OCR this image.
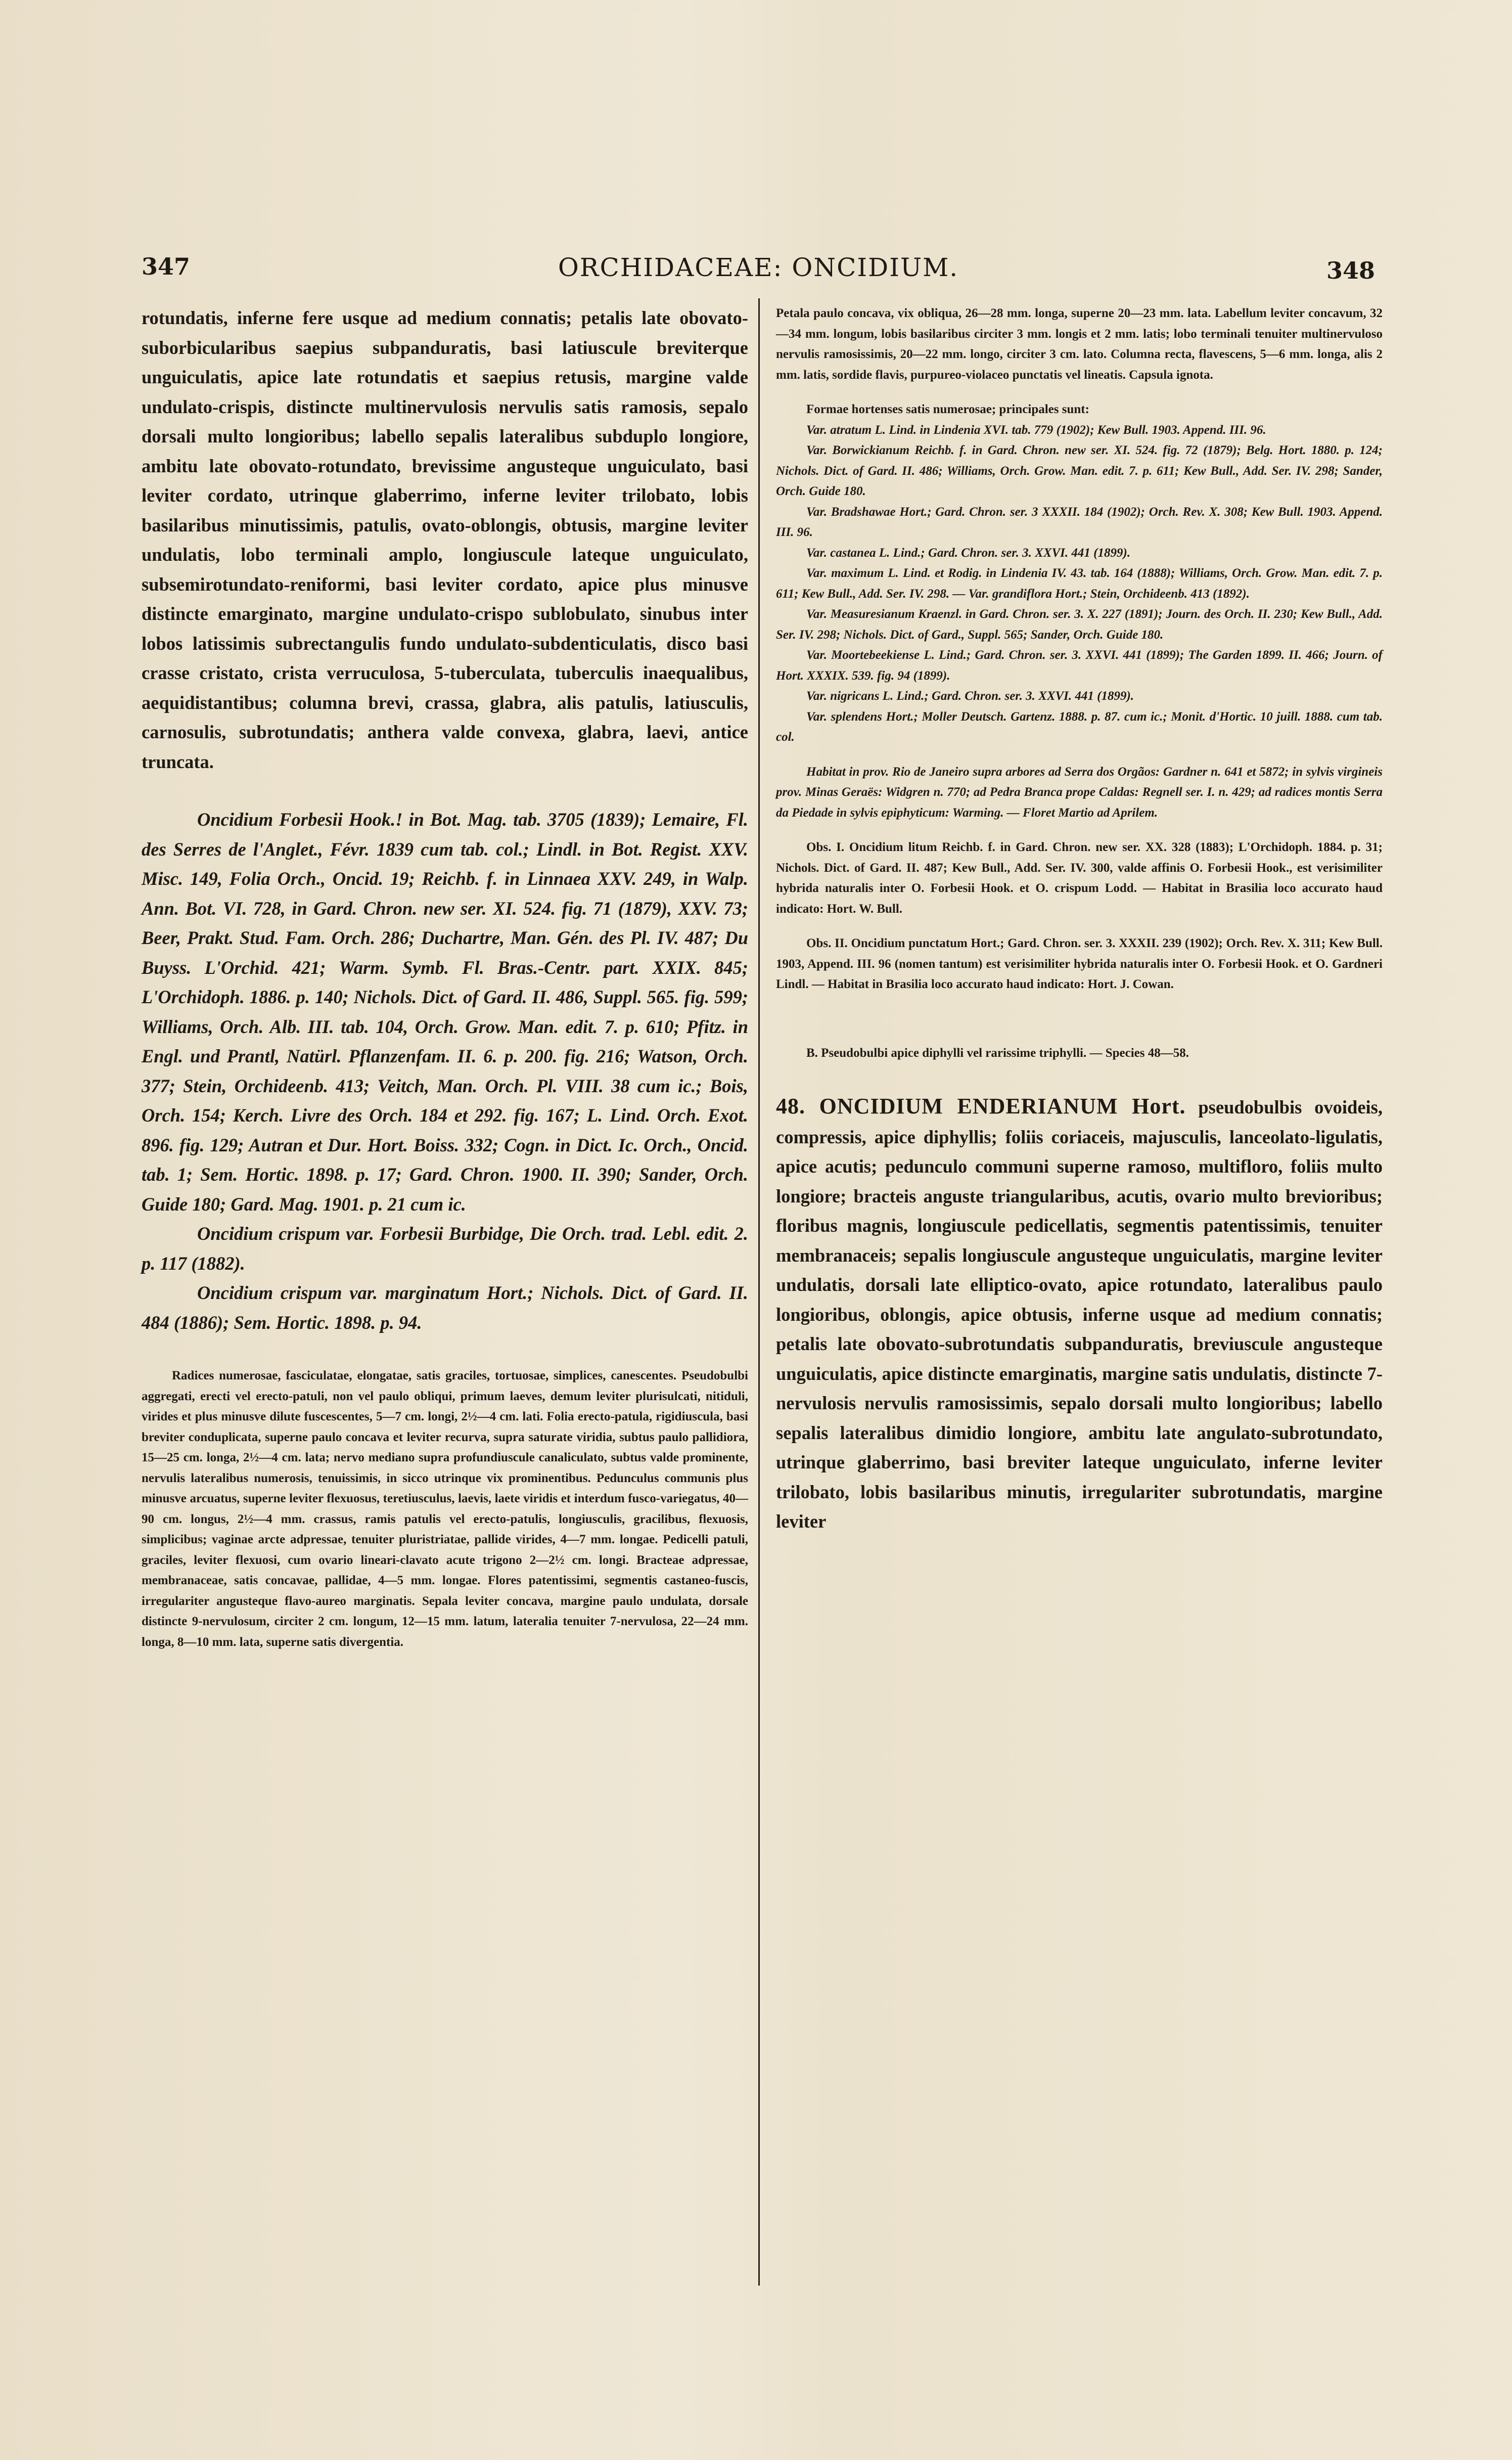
347	ORCHIDACEAE: ONCIDIUM.	348

rotundatis, inferne fere usque ad medium connatis; petalis late obovato-suborbicularibus saepius subpanduratis, basi latiuscule breviterque unguiculatis, apice late rotundatis et saepius retusis, margine valde undulato-crispis, distincte multinervulosis nervulis satis ramosis, sepalo dorsali multo longioribus; labello sepalis lateralibus subduplo longiore, ambitu late obovato-rotundato, brevissime angusteque unguiculato, basi leviter cordato, utrinque glaberrimo, inferne leviter trilobato, lobis basilaribus minutissimis, patulis, ovato-oblongis, obtusis, margine leviter undulatis, lobo terminali amplo, longiuscule lateque unguiculato, subsemirotundato-reniformi, basi leviter cordato, apice plus minusve distincte emarginato, margine undulato-crispo sublobulato, sinubus inter lobos latissimis subrectangulis fundo undulato-subdenticulatis, disco basi crasse cristato, crista verruculosa, 5-tuberculata, tuberculis inaequalibus, aequidistantibus; columna brevi, crassa, glabra, alis patulis, latiusculis, carnosulis, subrotundatis; anthera valde convexa, glabra, laevi, antice truncata.

Oncidium Forbesii Hook.! in Bot. Mag. tab. 3705 (1839); Lemaire, Fl. des Serres de l'Anglet., Févr. 1839 cum tab. col.; Lindl. in Bot. Regist. XXV. Misc. 149, Folia Orch., Oncid. 19; Reichb. f. in Linnaea XXV. 249, in Walp. Ann. Bot. VI. 728, in Gard. Chron. new ser. XI. 524. fig. 71 (1879), XXV. 73; Beer, Prakt. Stud. Fam. Orch. 286; Duchartre, Man. Gén. des Pl. IV. 487; Du Buyss. L'Orchid. 421; Warm. Symb. Fl. Bras.-Centr. part. XXIX. 845; L'Orchidoph. 1886. p. 140; Nichols. Dict. of Gard. II. 486, Suppl. 565. fig. 599; Williams, Orch. Alb. III. tab. 104, Orch. Grow. Man. edit. 7. p. 610; Pfitz. in Engl. und Prantl, Natürl. Pflanzenfam. II. 6. p. 200. fig. 216; Watson, Orch. 377; Stein, Orchideenb. 413; Veitch, Man. Orch. Pl. VIII. 38 cum ic.; Bois, Orch. 154; Kerch. Livre des Orch. 184 et 292. fig. 167; L. Lind. Orch. Exot. 896. fig. 129; Autran et Dur. Hort. Boiss. 332; Cogn. in Dict. Ic. Orch., Oncid. tab. 1; Sem. Hortic. 1898. p. 17; Gard. Chron. 1900. II. 390; Sander, Orch. Guide 180; Gard. Mag. 1901. p. 21 cum ic.

Oncidium crispum var. Forbesii Burbidge, Die Orch. trad. Lebl. edit. 2. p. 117 (1882).

Oncidium crispum var. marginatum Hort.; Nichols. Dict. of Gard. II. 484 (1886); Sem. Hortic. 1898. p. 94.

Radices numerosae, fasciculatae, elongatae, satis graciles, tortuosae, simplices, canescentes. Pseudobulbi aggregati, erecti vel erecto-patuli, non vel paulo obliqui, primum laeves, demum leviter plurisulcati, nitiduli, virides et plus minusve dilute fuscescentes, 5—7 cm. longi, 2½—4 cm. lati. Folia erecto-patula, rigidiuscula, basi breviter conduplicata, superne paulo concava et leviter recurva, supra saturate viridia, subtus paulo pallidiora, 15—25 cm. longa, 2½—4 cm. lata; nervo mediano supra profundiuscule canaliculato, subtus valde prominente, nervulis lateralibus numerosis, tenuissimis, in sicco utrinque vix prominentibus. Pedunculus communis plus minusve arcuatus, superne leviter flexuosus, teretiusculus, laevis, laete viridis et interdum fusco-variegatus, 40—90 cm. longus, 2½—4 mm. crassus, ramis patulis vel erecto-patulis, longiusculis, gracilibus, flexuosis, simplicibus; vaginae arcte adpressae, tenuiter pluristriatae, pallide virides, 4—7 mm. longae. Pedicelli patuli, graciles, leviter flexuosi, cum ovario lineari-clavato acute trigono 2—2½ cm. longi. Bracteae adpressae, membranaceae, satis concavae, pallidae, 4—5 mm. longae. Flores patentissimi, segmentis castaneo-fuscis, irregulariter angusteque flavo-aureo marginatis. Sepala leviter concava, margine paulo undulata, dorsale distincte 9-nervulosum, circiter 2 cm. longum, 12—15 mm. latum, lateralia tenuiter 7-nervulosa, 22—24 mm. longa, 8—10 mm. lata, superne satis divergentia.

Petala paulo concava, vix obliqua, 26—28 mm. longa, superne 20—23 mm. lata. Labellum leviter concavum, 32—34 mm. longum, lobis basilaribus circiter 3 mm. longis et 2 mm. latis; lobo terminali tenuiter multinervuloso nervulis ramosissimis, 20—22 mm. longo, circiter 3 cm. lato. Columna recta, flavescens, 5—6 mm. longa, alis 2 mm. latis, sordide flavis, purpureo-violaceo punctatis vel lineatis. Capsula ignota.

Formae hortenses satis numerosae; principales sunt:

Var. atratum L. Lind. in Lindenia XVI. tab. 779 (1902); Kew Bull. 1903. Append. III. 96.

Var. Borwickianum Reichb. f. in Gard. Chron. new ser. XI. 524. fig. 72 (1879); Belg. Hort. 1880. p. 124; Nichols. Dict. of Gard. II. 486; Williams, Orch. Grow. Man. edit. 7. p. 611; Kew Bull., Add. Ser. IV. 298; Sander, Orch. Guide 180.

Var. Bradshawae Hort.; Gard. Chron. ser. 3 XXXII. 184 (1902); Orch. Rev. X. 308; Kew Bull. 1903. Append. III. 96.

Var. castanea L. Lind.; Gard. Chron. ser. 3. XXVI. 441 (1899).

Var. maximum L. Lind. et Rodig. in Lindenia IV. 43. tab. 164 (1888); Williams, Orch. Grow. Man. edit. 7. p. 611; Kew Bull., Add. Ser. IV. 298. — Var. grandiflora Hort.; Stein, Orchideenb. 413 (1892).

Var. Measuresianum Kraenzl. in Gard. Chron. ser. 3. X. 227 (1891); Journ. des Orch. II. 230; Kew Bull., Add. Ser. IV. 298; Nichols. Dict. of Gard., Suppl. 565; Sander, Orch. Guide 180.

Var. Moortebeekiense L. Lind.; Gard. Chron. ser. 3. XXVI. 441 (1899); The Garden 1899. II. 466; Journ. of Hort. XXXIX. 539. fig. 94 (1899).

Var. nigricans L. Lind.; Gard. Chron. ser. 3. XXVI. 441 (1899).

Var. splendens Hort.; Moller Deutsch. Gartenz. 1888. p. 87. cum ic.; Monit. d'Hortic. 10 juill. 1888. cum tab. col.

Habitat in prov. Rio de Janeiro supra arbores ad Serra dos Orgãos: Gardner n. 641 et 5872; in sylvis virgineis prov. Minas Geraës: Widgren n. 770; ad Pedra Branca prope Caldas: Regnell ser. I. n. 429; ad radices montis Serra da Piedade in sylvis epiphyticum: Warming. — Floret Martio ad Aprilem.

Obs. I. Oncidium litum Reichb. f. in Gard. Chron. new ser. XX. 328 (1883); L'Orchidoph. 1884. p. 31; Nichols. Dict. of Gard. II. 487; Kew Bull., Add. Ser. IV. 300, valde affinis O. Forbesii Hook., est verisimiliter hybrida naturalis inter O. Forbesii Hook. et O. crispum Lodd. — Habitat in Brasilia loco accurato haud indicato: Hort. W. Bull.

Obs. II. Oncidium punctatum Hort.; Gard. Chron. ser. 3. XXXII. 239 (1902); Orch. Rev. X. 311; Kew Bull. 1903, Append. III. 96 (nomen tantum) est verisimiliter hybrida naturalis inter O. Forbesii Hook. et O. Gardneri Lindl. — Habitat in Brasilia loco accurato haud indicato: Hort. J. Cowan.

B. Pseudobulbi apice diphylli vel rarissime triphylli. — Species 48—58.

48. ONCIDIUM ENDERIANUM Hort. pseudobulbis ovoideis, compressis, apice diphyllis; foliis coriaceis, majusculis, lanceolato-ligulatis, apice acutis; pedunculo communi superne ramoso, multifloro, foliis multo longiore; bracteis anguste triangularibus, acutis, ovario multo brevioribus; floribus magnis, longiuscule pedicellatis, segmentis patentissimis, tenuiter membranaceis; sepalis longiuscule angusteque unguiculatis, margine leviter undulatis, dorsali late elliptico-ovato, apice rotundato, lateralibus paulo longioribus, oblongis, apice obtusis, inferne usque ad medium connatis; petalis late obovato-subrotundatis subpanduratis, breviuscule angusteque unguiculatis, apice distincte emarginatis, margine satis undulatis, distincte 7-nervulosis nervulis ramosissimis, sepalo dorsali multo longioribus; labello sepalis lateralibus dimidio longiore, ambitu late angulato-subrotundato, utrinque glaberrimo, basi breviter lateque unguiculato, inferne leviter trilobato, lobis basilaribus minutis, irregulariter subrotundatis, margine leviter
